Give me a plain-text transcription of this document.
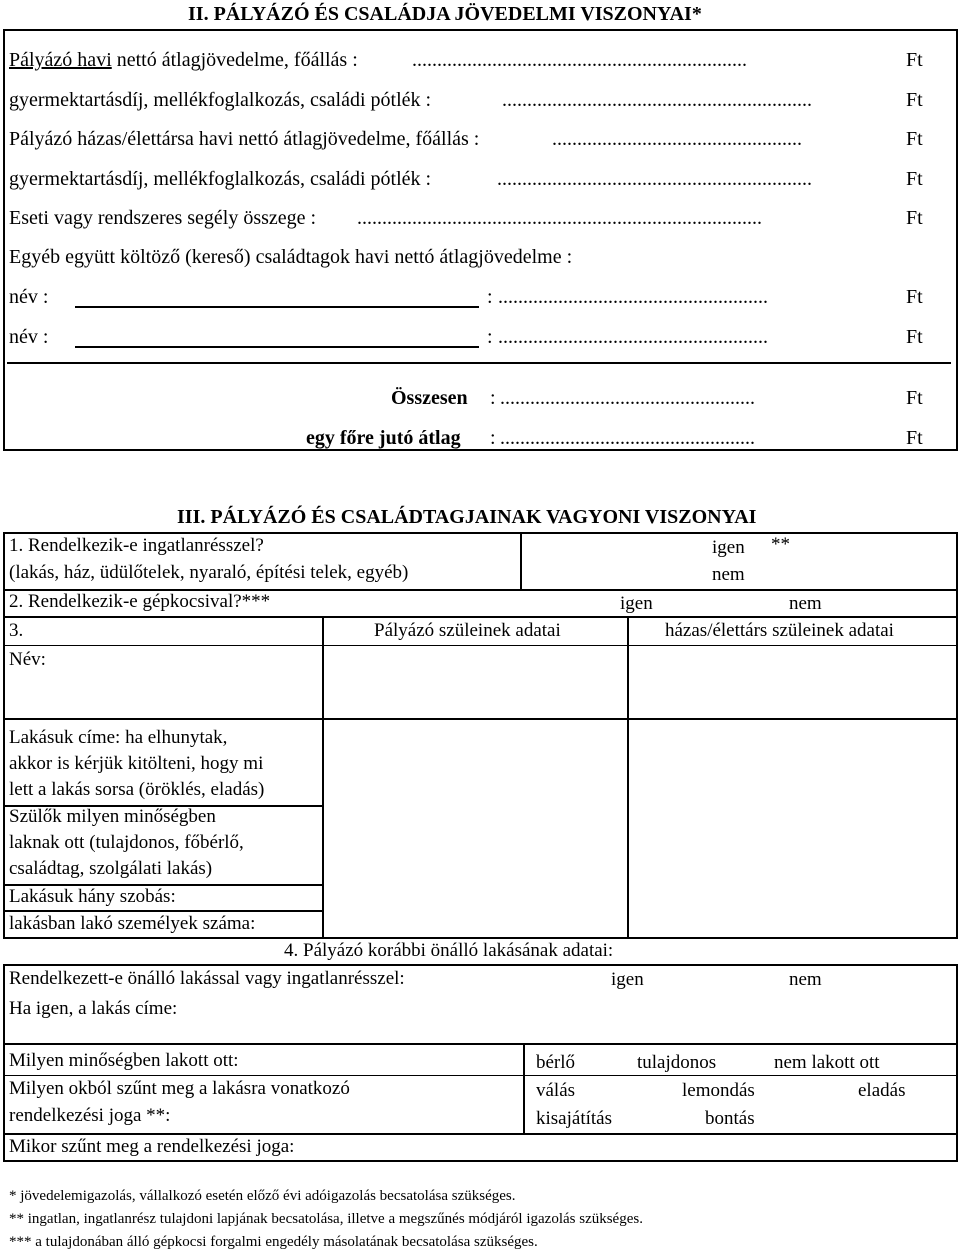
II. PÁLYÁZÓ ÉS CSALÁDJA JÖVEDELMI VISZONYAI*
Pályázó havi nettó átlagjövedelme, főállás :	...................................................................	Ft
gyermektartásdíj, mellékfoglalkozás, családi pótlék :	..............................................................	Ft
Pályázó házas/élettársa havi nettó átlagjövedelme, főállás :	..................................................	Ft
gyermektartásdíj, mellékfoglalkozás, családi pótlék :	...............................................................	Ft
Eseti vagy rendszeres segély összege : .................................................................................	Ft
Egyéb együtt költöző (kereső) családtagok havi nettó átlagjövedelme :
név :	: ......................................................	Ft
név :	: ......................................................	Ft
Összesen : ...................................................	Ft
egy főre jutó átlag : ...................................................	Ft
III. PÁLYÁZÓ ÉS CSALÁDTAGJAINAK VAGYONI VISZONYAI
1. Rendelkezik-e ingatlanrésszel?
(lakás, ház, üdülőtelek, nyaraló, építési telek, egyéb)
igen **
nem
2. Rendelkezik-e gépkocsival?***	igen	nem
3.	Pályázó szüleinek adatai	házas/élettárs szüleinek adatai
Név:
Lakásuk címe: ha elhunytak,
akkor is kérjük kitölteni, hogy mi
lett a lakás sorsa (öröklés, eladás)
Szülők milyen minőségben
laknak ott (tulajdonos, főbérlő,
családtag, szolgálati lakás)
Lakásuk hány szobás:
lakásban lakó személyek száma:
4. Pályázó korábbi önálló lakásának adatai:
Rendelkezett-e önálló lakással vagy ingatlanrésszel:	igen	nem
Ha igen, a lakás címe:
Milyen minőségben lakott ott:	bérlő	tulajdonos	nem lakott ott
Milyen okból szűnt meg a lakásra vonatkozó
rendelkezési joga **:
válás	lemondás	eladás
kisajátítás	bontás
Mikor szűnt meg a rendelkezési joga:
* jövedelemigazolás, vállalkozó esetén előző évi adóigazolás becsatolása szükséges.
** ingatlan, ingatlanrész tulajdoni lapjának becsatolása, illetve a megszűnés módjáról igazolás szükséges.
*** a tulajdonában álló gépkocsi forgalmi engedély másolatának becsatolása szükséges.
